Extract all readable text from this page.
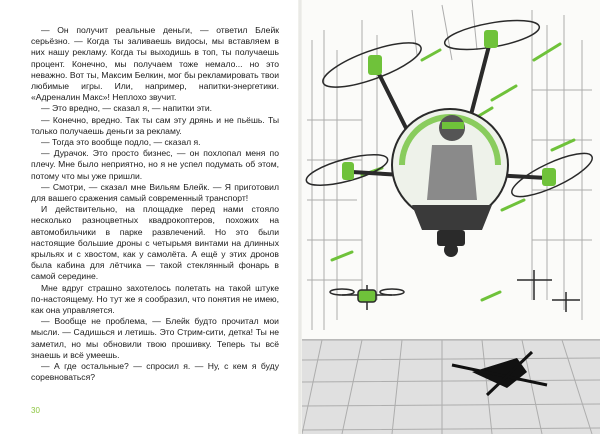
— Он получит реальные деньги, — ответил Блейк серьёзно. — Когда ты заливаешь видосы, мы вставляем в них нашу рекламу. Когда ты выходишь в топ, ты получаешь процент. Конечно, мы получаем тоже немало... но это неважно. Вот ты, Максим Белкин, мог бы рекламировать твои любимые игры. Или, например, напитки-энергетики. «Адреналин Макс»! Неплохо звучит.

— Это вредно, — сказал я, — напитки эти.

— Конечно, вредно. Так ты сам эту дрянь и не пьёшь. Ты только получаешь деньги за рекламу.

— Тогда это вообще подло, — сказал я.

— Дурачок. Это просто бизнес, — он похлопал меня по плечу. Мне было неприятно, но я не успел подумать об этом, потому что мы уже пришли.

— Смотри, — сказал мне Вильям Блейк. — Я приготовил для вашего сражения самый современный транспорт!

И действительно, на площадке перед нами стояло несколько разноцветных квадрокоптеров, похожих на автомобильчики в парке развлечений. Но это были настоящие большие дроны с четырьмя винтами на длинных крыльях и с хвостом, как у самолёта. А ещё у этих дронов была кабина для лётчика — такой стеклянный фонарь в самой середине.

Мне вдруг страшно захотелось полетать на такой штуке по-настоящему. Но тут же я сообразил, что понятия не имею, как она управляется.

— Вообще не проблема, — Блейк будто прочитал мои мысли. — Садишься и летишь. Это Стрим-сити, детка! Ты не заметил, но мы обновили твою прошивку. Теперь ты всё знаешь и всё умеешь.

— А где остальные? — спросил я. — Ну, с кем я буду соревноваться?

30
